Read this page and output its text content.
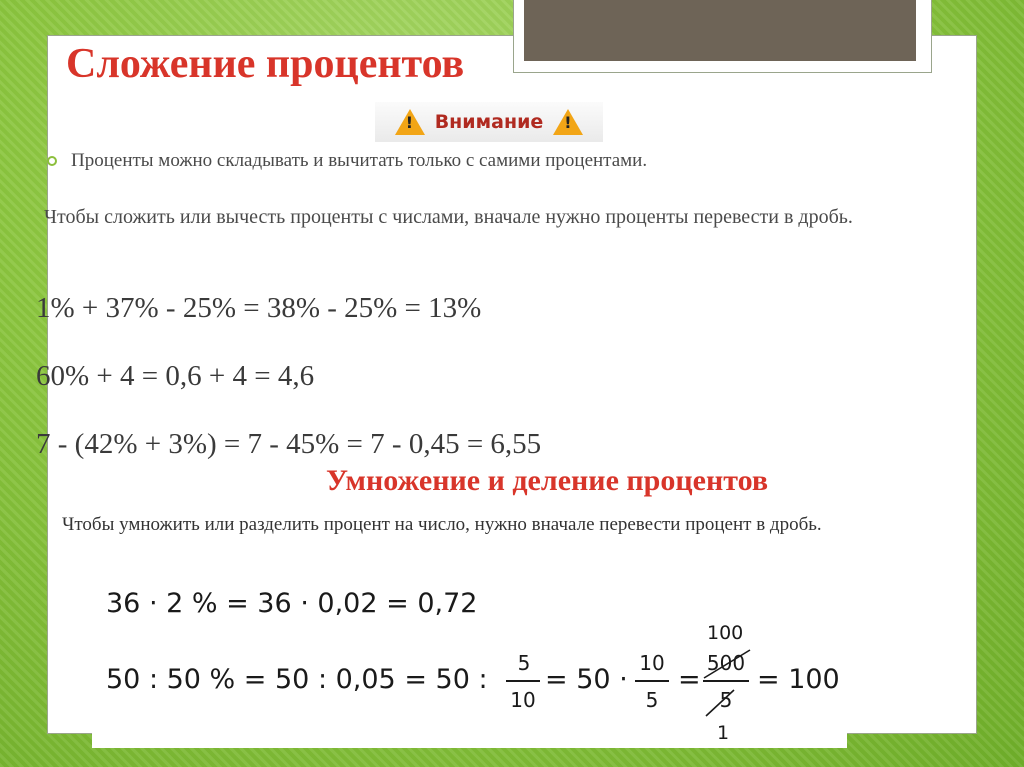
Сложение процентов
! Внимание !
Проценты можно складывать и вычитать только с самими процентами.

Чтобы сложить или вычесть проценты с числами, вначале нужно проценты перевести в дробь.

1% + 37% - 25% = 38% - 25% = 13%

60% + 4 = 0,6 + 4 = 4,6

7 - (42% + 3%) = 7 - 45% = 7 - 0,45 = 6,55

Умножение и деление процентов

Чтобы умножить или разделить процент на число, нужно вначале перевести процент в дробь.

36 ⋅ 2 % = 36 ⋅ 0,02 = 0,72
50 : 50 % = 50 : 0,05 = 50 :
5
10
= 50 ⋅
10
5
=
100
500
5
1
= 100
